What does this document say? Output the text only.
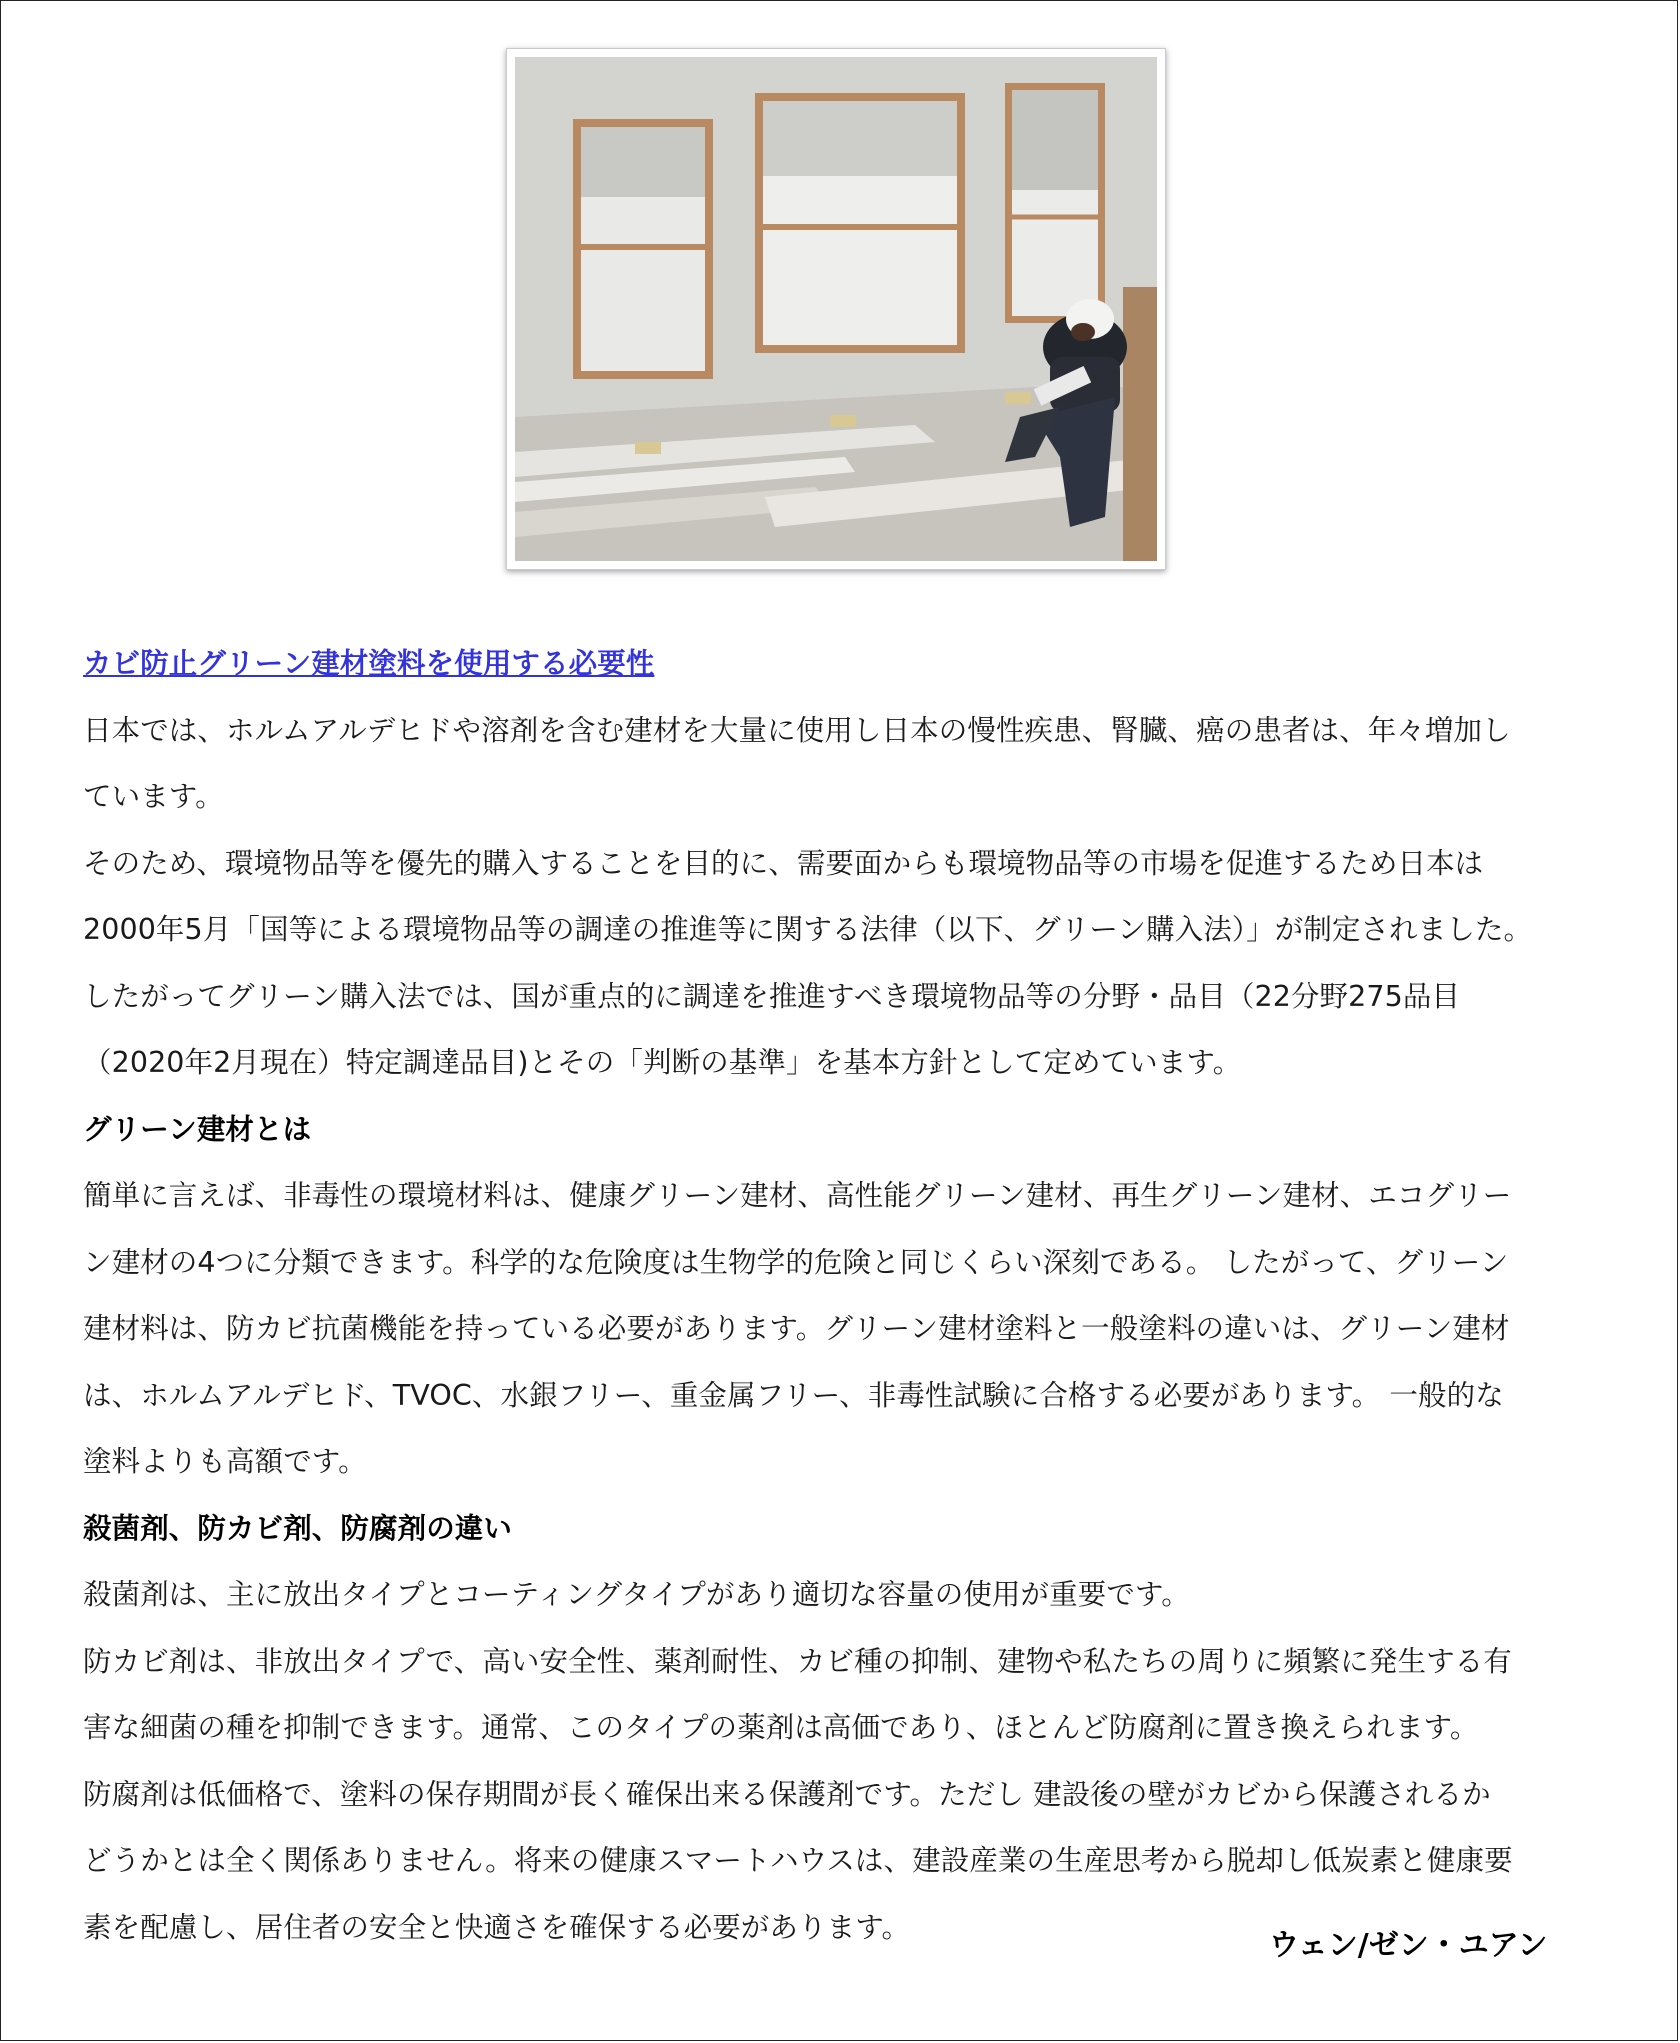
カビ防止グリーン建材塗料を使用する必要性

日本では、ホルムアルデヒドや溶剤を含む建材を大量に使用し日本の慢性疾患、腎臓、癌の患者は、年々増加し

ています。

そのため、環境物品等を優先的購入することを目的に、需要面からも環境物品等の市場を促進するため日本は

2000年5月「国等による環境物品等の調達の推進等に関する法律（以下、グリーン購入法）」が制定されました。

したがってグリーン購入法では、国が重点的に調達を推進すべき環境物品等の分野・品目（22分野275品目

（2020年2月現在）特定調達品目)とその「判断の基準」を基本方針として定めています。

グリーン建材とは

簡単に言えば、非毒性の環境材料は、健康グリーン建材、高性能グリーン建材、再生グリーン建材、エコグリー

ン建材の4つに分類できます。科学的な危険度は生物学的危険と同じくらい深刻である。 したがって、グリーン

建材料は、防カビ抗菌機能を持っている必要があります。グリーン建材塗料と一般塗料の違いは、グリーン建材

は、ホルムアルデヒド、TVOC、水銀フリー、重金属フリー、非毒性試験に合格する必要があります。 一般的な

塗料よりも高額です。

殺菌剤、防カビ剤、防腐剤の違い

殺菌剤は、主に放出タイプとコーティングタイプがあり適切な容量の使用が重要です。

防カビ剤は、非放出タイプで、高い安全性、薬剤耐性、カビ種の抑制、建物や私たちの周りに頻繁に発生する有

害な細菌の種を抑制できます。通常、このタイプの薬剤は高価であり、ほとんど防腐剤に置き換えられます。

防腐剤は低価格で、塗料の保存期間が長く確保出来る保護剤です。ただし 建設後の壁がカビから保護されるか

どうかとは全く関係ありません。将来の健康スマートハウスは、建設産業の生産思考から脱却し低炭素と健康要

素を配慮し、居住者の安全と快適さを確保する必要があります。

ウェン/ゼン・ユアン
